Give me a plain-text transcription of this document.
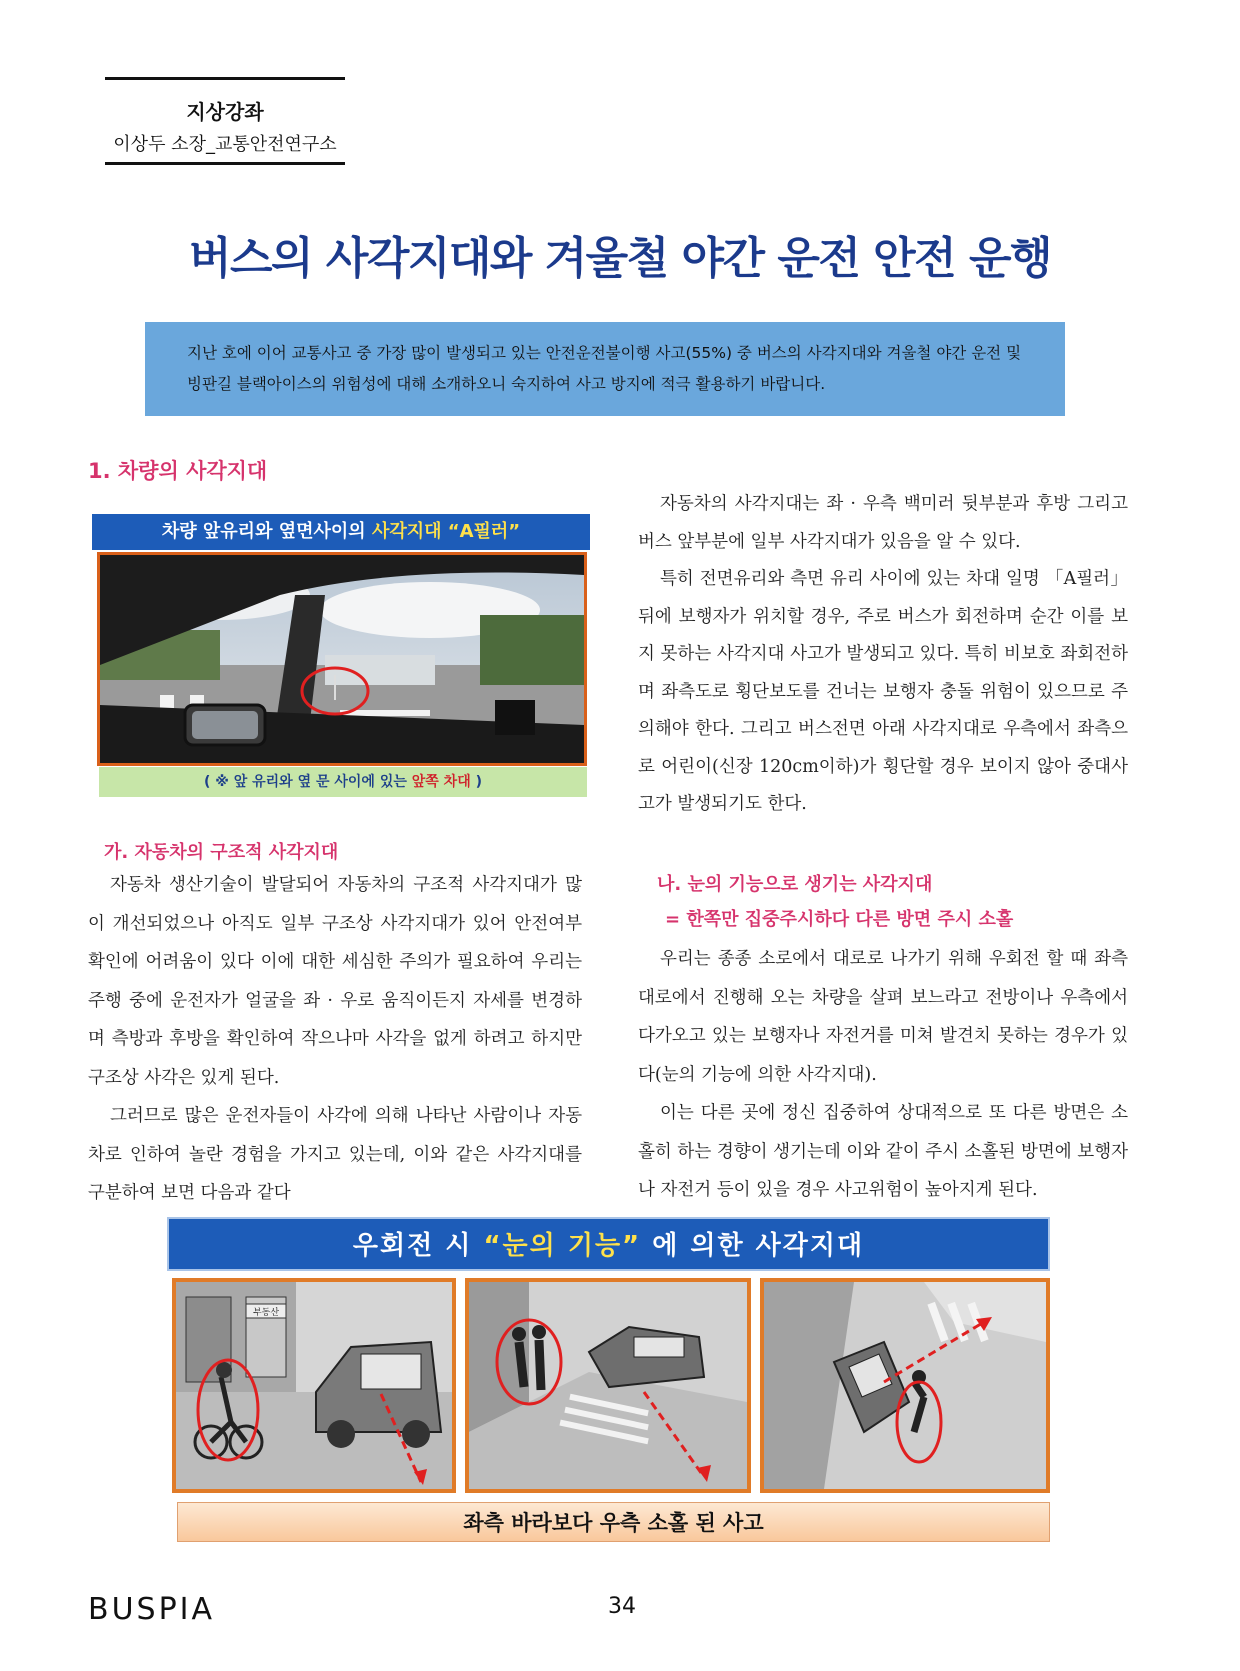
지상강좌
이상두 소장_교통안전연구소
버스의 사각지대와 겨울철 야간 운전 안전 운행

지난 호에 이어 교통사고 중 가장 많이 발생되고 있는 안전운전불이행 사고(55%) 중 버스의 사각지대와 겨울철 야간 운전 및 빙판길 블랙아이스의 위험성에 대해 소개하오니 숙지하여 사고 방지에 적극 활용하기 바랍니다.

1. 차량의 사각지대
차량 앞유리와 옆면사이의 사각지대 “A필러”
( ※ 앞 유리와 옆 문 사이에 있는 앞쪽 차대 )

자동차의 사각지대는 좌 · 우측 백미러 뒷부분과 후방 그리고 버스 앞부분에 일부 사각지대가 있음을 알 수 있다.

특히 전면유리와 측면 유리 사이에 있는 차대 일명 「A필러」 뒤에 보행자가 위치할 경우, 주로 버스가 회전하며 순간 이를 보지 못하는 사각지대 사고가 발생되고 있다. 특히 비보호 좌회전하며 좌측도로 횡단보도를 건너는 보행자 충돌 위험이 있으므로 주의해야 한다. 그리고 버스전면 아래 사각지대로 우측에서 좌측으로 어린이(신장 120cm이하)가 횡단할 경우 보이지 않아 중대사고가 발생되기도 한다.

가. 자동차의 구조적 사각지대

자동차 생산기술이 발달되어 자동차의 구조적 사각지대가 많이 개선되었으나 아직도 일부 구조상 사각지대가 있어 안전여부 확인에 어려움이 있다 이에 대한 세심한 주의가 필요하여 우리는 주행 중에 운전자가 얼굴을 좌 · 우로 움직이든지 자세를 변경하며 측방과 후방을 확인하여 작으나마 사각을 없게 하려고 하지만 구조상 사각은 있게 된다.

그러므로 많은 운전자들이 사각에 의해 나타난 사람이나 자동차로 인하여 놀란 경험을 가지고 있는데, 이와 같은 사각지대를 구분하여 보면 다음과 같다

나. 눈의 기능으로 생기는 사각지대
= 한쪽만 집중주시하다 다른 방면 주시 소홀

우리는 종종 소로에서 대로로 나가기 위해 우회전 할 때 좌측 대로에서 진행해 오는 차량을 살펴 보느라고 전방이나 우측에서 다가오고 있는 보행자나 자전거를 미쳐 발견치 못하는 경우가 있다(눈의 기능에 의한 사각지대).

이는 다른 곳에 정신 집중하여 상대적으로 또 다른 방면은 소홀히 하는 경향이 생기는데 이와 같이 주시 소홀된 방면에 보행자나 자전거 등이 있을 경우 사고위험이 높아지게 된다.

우회전 시 “눈의 기능” 에 의한 사각지대
부동산
좌측 바라보다 우측 소홀 된 사고
BUSPIA	34
